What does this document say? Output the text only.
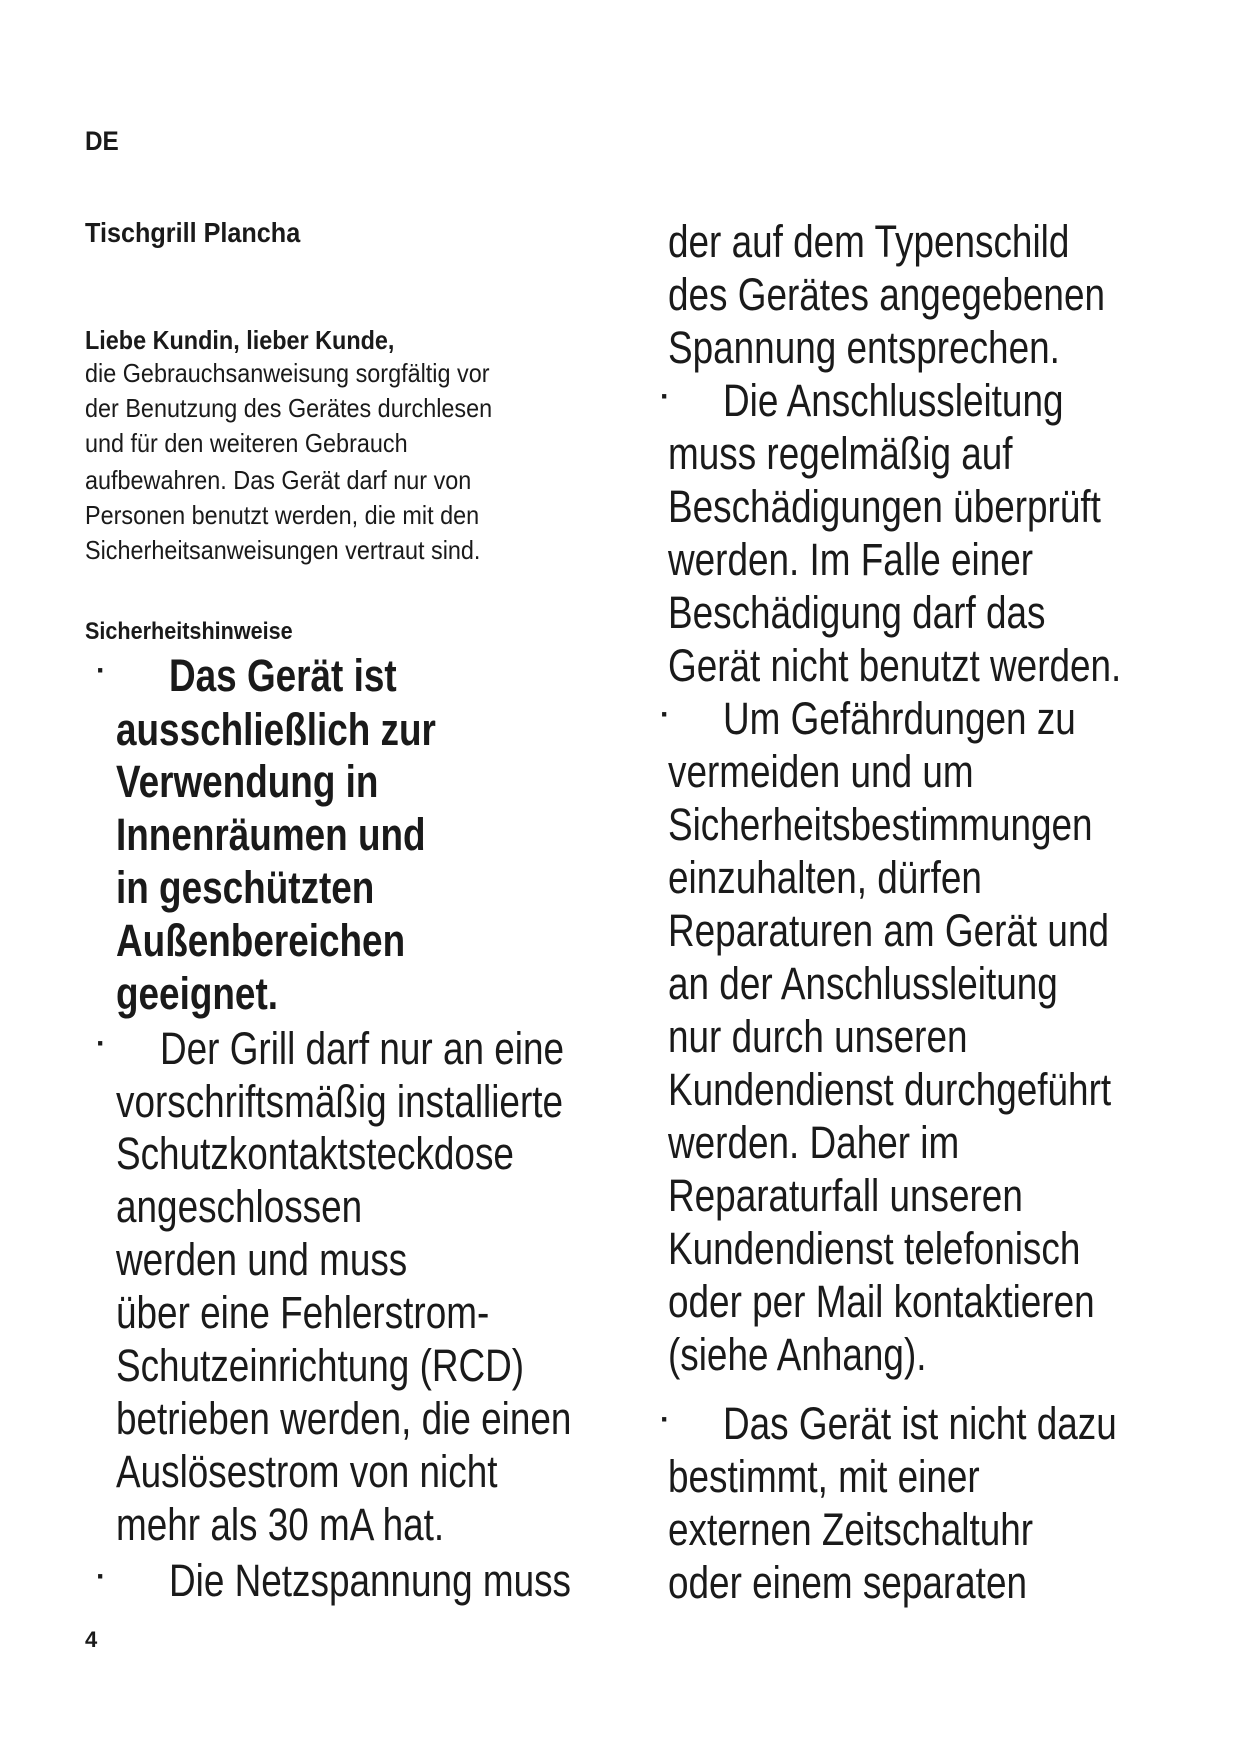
DE
Tischgrill Plancha
Liebe Kundin, lieber Kunde,
die Gebrauchsanweisung sorgfältig vor
der Benutzung des Gerätes durchlesen
und für den weiteren Gebrauch
aufbewahren. Das Gerät darf nur von
Personen benutzt werden, die mit den
Sicherheitsanweisungen vertraut sind.
Sicherheitshinweise
· Das Gerät ist
ausschließlich zur
Verwendung in
Innenräumen und
in geschützten
Außenbereichen
geeignet.
· Der Grill darf nur an eine
vorschriftsmäßig installierte
Schutzkontaktsteckdose
angeschlossen
werden und muss
über eine Fehlerstrom-
Schutzeinrichtung (RCD)
betrieben werden, die einen
Auslösestrom von nicht
mehr als 30 mA hat.
· Die Netzspannung muss
der auf dem Typenschild
des Gerätes angegebenen
Spannung entsprechen.
· Die Anschlussleitung
muss regelmäßig auf
Beschädigungen überprüft
werden. Im Falle einer
Beschädigung darf das
Gerät nicht benutzt werden.
· Um Gefährdungen zu
vermeiden und um
Sicherheitsbestimmungen
einzuhalten, dürfen
Reparaturen am Gerät und
an der Anschlussleitung
nur durch unseren
Kundendienst durchgeführt
werden. Daher im
Reparaturfall unseren
Kundendienst telefonisch
oder per Mail kontaktieren
(siehe Anhang).
· Das Gerät ist nicht dazu
bestimmt, mit einer
externen Zeitschaltuhr
oder einem separaten
4
